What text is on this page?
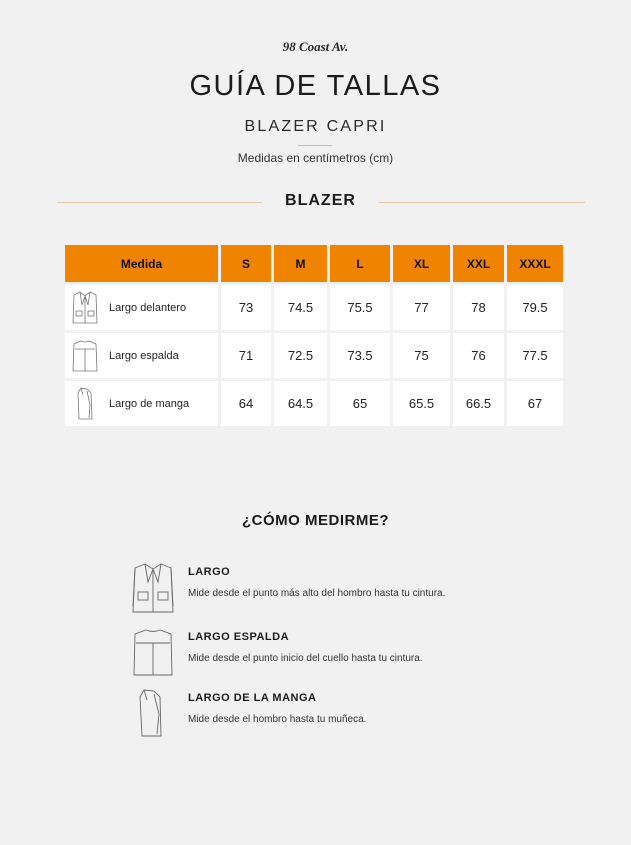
98 Coast Av.
GUÍA DE TALLAS
BLAZER CAPRI
Medidas en centímetros (cm)
BLAZER
Medida	S	M	L	XL	XXL	XXXL

Largo delantero	73	74.5	75.5	77	78	79.5

Largo espalda	71	72.5	73.5	75	76	77.5

Largo de manga	64	64.5	65	65.5	66.5	67
¿CÓMO MEDIRME?
LARGO
Mide desde el punto más alto del hombro hasta tu cintura.
LARGO ESPALDA
Mide desde el punto inicio del cuello hasta tu cintura.
LARGO DE LA MANGA
Mide desde el hombro hasta tu muñeca.
